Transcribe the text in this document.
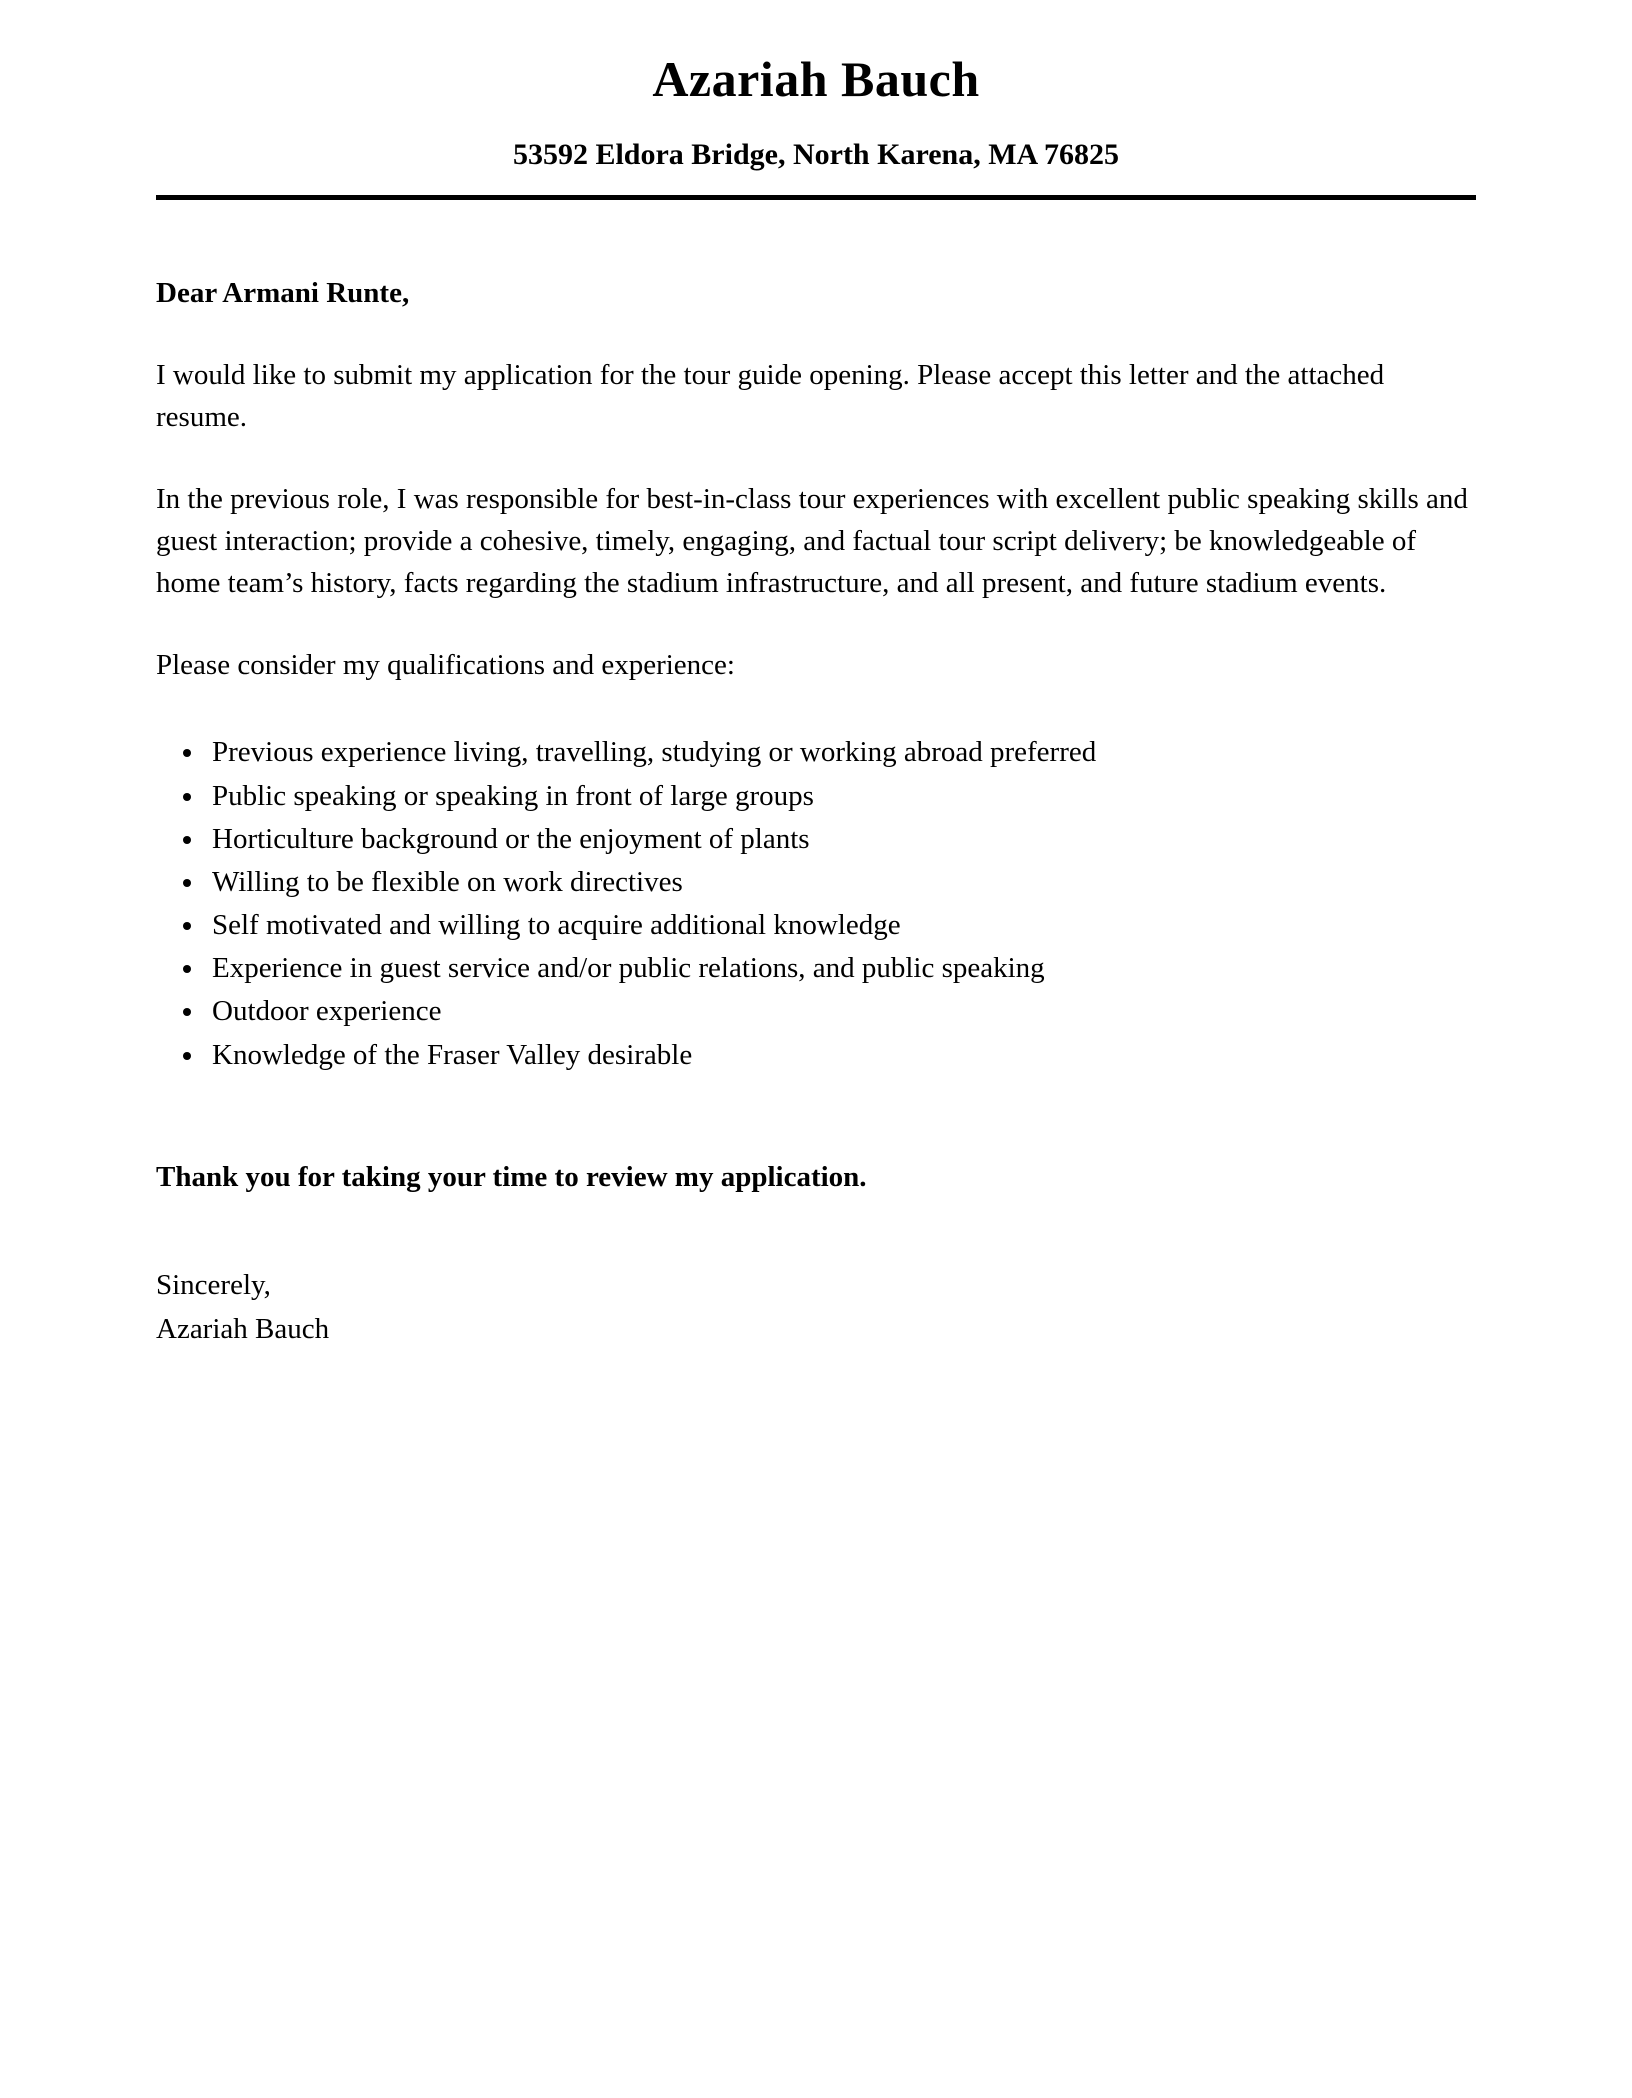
Azariah Bauch
53592 Eldora Bridge, North Karena, MA 76825

Dear Armani Runte,

I would like to submit my application for the tour guide opening. Please accept this letter and the attached resume.

In the previous role, I was responsible for best-in-class tour experiences with excellent public speaking skills and guest interaction; provide a cohesive, timely, engaging, and factual tour script delivery; be knowledgeable of home team’s history, facts regarding the stadium infrastructure, and all present, and future stadium events.

Please consider my qualifications and experience:

• Previous experience living, travelling, studying or working abroad preferred
• Public speaking or speaking in front of large groups
• Horticulture background or the enjoyment of plants
• Willing to be flexible on work directives
• Self motivated and willing to acquire additional knowledge
• Experience in guest service and/or public relations, and public speaking
• Outdoor experience
• Knowledge of the Fraser Valley desirable

Thank you for taking your time to review my application.

Sincerely,

Azariah Bauch
